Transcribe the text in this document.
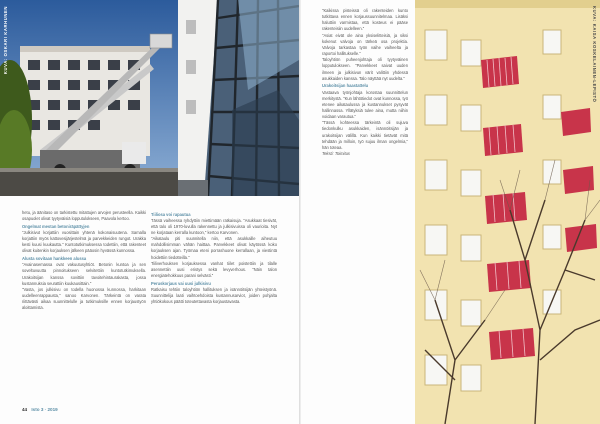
KUVA: OSKARI KARHUNEN

hetu, ja äänitaso on tarkistettu mitattujen arvojen perusteella. Kaikki osapuolet olivat tyytyväisiä lopputulokseen, Paavola kertoo.

Ongelmat mestan betoniräpättyjen

"Julkisivut korjattiin vuosittain yhtenä kokonaisuutena. Samalla korjattiin myös kattovesijärjestelmä ja parvekkeiden rungot. Urakka kesti kuusi kuukautta." Kuntotutkimuksessa todettiin, että rakenteet olivat kuitenkin korjauksen jälkeen pääosin hyvässä kunnossa.

Alusta sovitaan hankkeen alussa

"Avainasemassa ovat vakuutusyhtiöt. Betonin kuntoa ja sen soveltuvuutta pinnoitukseen selvitettiin kuntotutkimuksella. Urakoitsijan kanssa sovittiin tavoitehintaurakasta, jossa kustannuksia seurattiin kuukausittain."

"Vasta, jos julkisivu on todella huonossa kunnossa, harkitaan uudelleenrappausta," sanoo Karvonen. Tärkeintä on varata riittävästi aikaa suunnittelulle ja tutkimuksille ennen korjaustyön aloittamista.

Tiiliosa voi rapautua

Tässä vaiheessa ryhdyttiin miettimään ratkaisuja. "Asukkaat tiesivät, että talo oli 1970-luvulla rakennettu ja julkisivuissa oli vaurioita. Nyt ne korjataan kerralla kuntoon," kertoo Karvonen.

"Aikataulu piti suunnitella niin, että asukkaille aiheutuu mahdollisimman vähän haittaa. Parvekkeet olivat käytössä koko korjauksen ajan. Työmaa eteni porrashuone kerrallaan, ja viestintä hoidettiin tiedotteilla."

Tiiliverhouksen korjauksessa vanhat tiilet poistettiin ja tilalle asennettiin uusi eristys sekä levyverhous. "Näin talon energiatehokkuus parani selvästi."

Peruskorjaus vai uusi julkisivu

Ratkaisu tehtiin taloyhtiön hallituksen ja isännöitsijän yhteistyönä. Suunnittelija laati vaihtoehdoista kustannusarviot, joiden pohjalta yhtiökokous päätti toteutettavasta korjaustavasta.

44 Isto 3 · 2019

"Kaikissa pisteissä oli rakenteiden kunto tutkittava ennen korjaussuunnitelmaa. Lisäksi haluttiin varmistaa, että kosteus ei pääse rakenteisiin uudelleen."

"Asiat eivät ole aina yksiselitteisiä, ja siksi kokenut valvoja on tärkeä osa projektia. Valvoja tarkastaa työn vaihe vaiheelta ja raportoi hallitukselle."

Taloyhtiön puheenjohtaja oli tyytyväinen lopputulokseen. "Parvekkeet saivat uuden ilmeen ja julkisivun värit valittiin yhdessä asukkaiden kanssa. Talo näyttää nyt uudelta."

Urakoitsijan haastattelu

Vastaava työnjohtaja korostaa suunnittelun merkitystä. "Kun lähtötiedot ovat kunnossa, työ etenee aikataulussa ja kustannukset pysyvät hallinnassa. Yllätyksiä tulee aina, mutta niihin voidaan varautua."

"Tässä kohteessa tärkeintä oli sujuva tiedonkulku asukkaiden, isännöitsijän ja urakoitsijan välillä. Kun kaikki tietävät mitä tehdään ja milloin, työ sujuu ilman ongelmia," hän toteaa.

Teksti: Toimitus

KUVA: KAISA KOSKELAINEN-LEPISTÖ
